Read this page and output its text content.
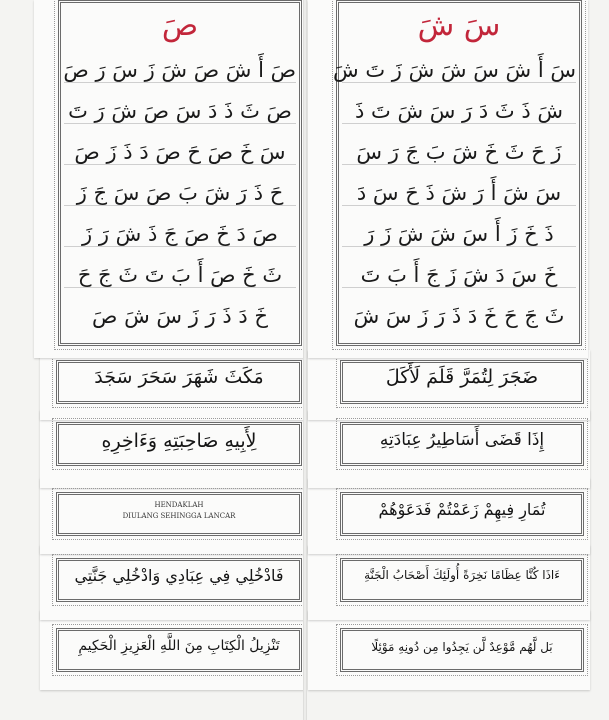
مَكَثَ شَهَرَ سَحَرَ سَجَدَ
لِأَبِيهِ صَاحِبَتِهِ وَءَاخِرِهِ
HENDAKLAH
DIULANG SEHINGGA LANCAR
فَادْخُلِي فِي عِبَادِي وَادْخُلِي جَنَّتِي
تَنْزِيلُ الْكِتَابِ مِنَ اللَّهِ الْعَزِيزِ الْحَكِيمِ
ضَجَرَ لِتُمَرَّ قَلَمَ لَأَكَلَ
إِذَا قَضَى أَسَاطِيرُ عِبَادَتِهِ
تُمَارِ فِيهِمْ زَعَمْتُمْ فَدَعَوْهُمْ
ءَاذَا كُنَّا عِظَامًا نَخِرَةً أُولَئِكَ أَصْحَابُ الْجَنَّةِ
بَل لَّهُم مَّوْعِدٌ لَّن يَجِدُوا مِن دُونِهِ مَوْئِلًا
صَ
صَ أَ شَ صَ شَ زَ سَ رَ صَ
صَ ثَ ذَ دَ سَ صَ شَ رَ تَ
سَ خَ صَ حَ صَ دَ ذَ زَ صَ
حَ ذَ رَ شَ بَ صَ سَ جَ زَ
صَ دَ خَ صَ جَ ذَ شَ رَ زَ
ثَ خَ صَ أَ بَ تَ ثَ جَ حَ
خَ دَ ذَ رَ زَ سَ شَ صَ
سَ شَ
سَ أَ شَ سَ شَ شَ زَ تَ شَ
شَ ذَ ثَ دَ رَ سَ شَ تَ ذَ
زَ حَ ثَ خَ شَ بَ جَ رَ سَ
سَ شَ أَ رَ شَ ذَ حَ سَ دَ
ذَ خَ زَ أَ سَ شَ شَ زَ رَ
خَ سَ دَ شَ زَ جَ أَ بَ تَ
ثَ جَ حَ خَ دَ ذَ رَ زَ سَ شَ
